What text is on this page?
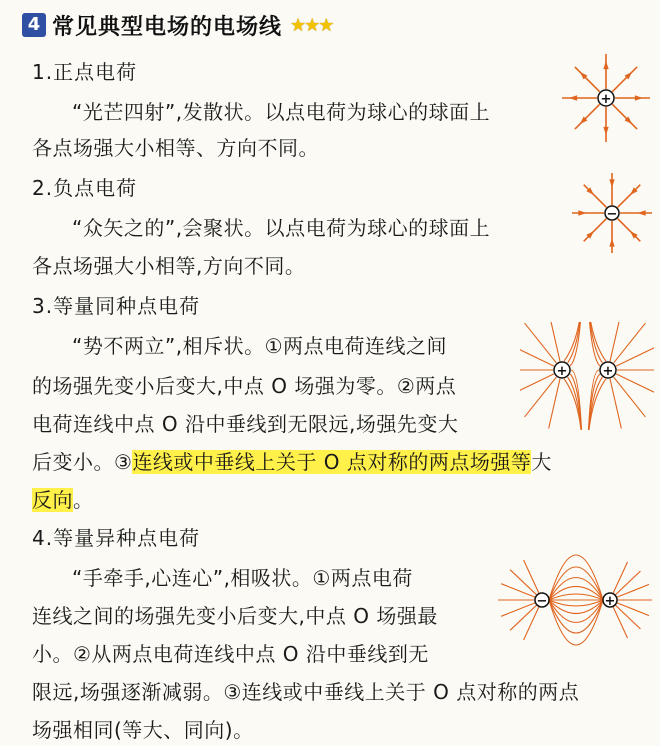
4 常见典型电场的电场线 ★★★
1.正点电荷
“光芒四射”,发散状。以点电荷为球心的球面上
各点场强大小相等、方向不同。
+
2.负点电荷
“众矢之的”,会聚状。以点电荷为球心的球面上
各点场强大小相等,方向不同。
−
3.等量同种点电荷
“势不两立”,相斥状。①两点电荷连线之间
的场强先变小后变大,中点 O 场强为零。②两点
电荷连线中点 O 沿中垂线到无限远,场强先变大
后变小。③连线或中垂线上关于 O 点对称的两点场强等大
反向。
+	+
4.等量异种点电荷
“手牵手,心连心”,相吸状。①两点电荷
连线之间的场强先变小后变大,中点 O 场强最
小。②从两点电荷连线中点 O 沿中垂线到无
限远,场强逐渐减弱。③连线或中垂线上关于 O 点对称的两点
场强相同(等大、同向)。
−	+
